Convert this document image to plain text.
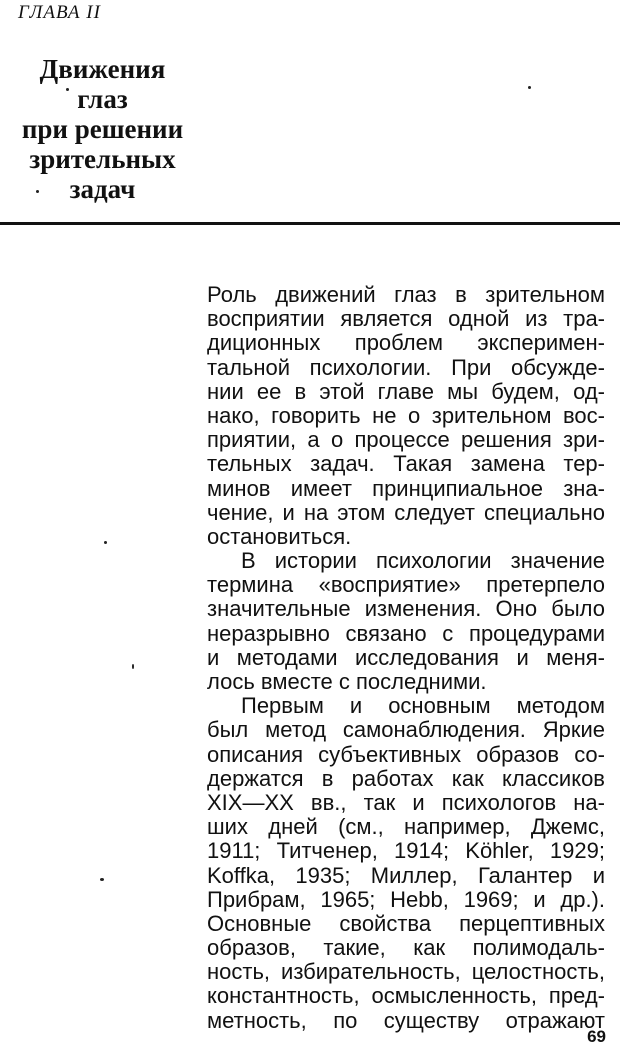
ГЛАВА II
Движения
глаз
при решении
зрительных
задач
Роль движений глаз в зрительном
восприятии является одной из тра-
диционных проблем эксперимен-
тальной психологии. При обсужде-
нии ее в этой главе мы будем, од-
нако, говорить не о зрительном вос-
приятии, а о процессе решения зри-
тельных задач. Такая замена тер-
минов имеет принципиальное зна-
чение, и на этом следует специально
остановиться.
В истории психологии значение
термина «восприятие» претерпело
значительные изменения. Оно было
неразрывно связано с процедурами
и методами исследования и меня-
лось вместе с последними.
Первым и основным методом
был метод самонаблюдения. Яркие
описания субъективных образов со-
держатся в работах как классиков
XIX—XX вв., так и психологов на-
ших дней (см., например, Джемс,
1911; Титченер, 1914; Köhler, 1929;
Koffka, 1935; Миллер, Галантер и
Прибрам, 1965; Hebb, 1969; и др.).
Основные свойства перцептивных
образов, такие, как полимодаль-
ность, избирательность, целостность,
константность, осмысленность, пред-
метность, по существу отражают
69
